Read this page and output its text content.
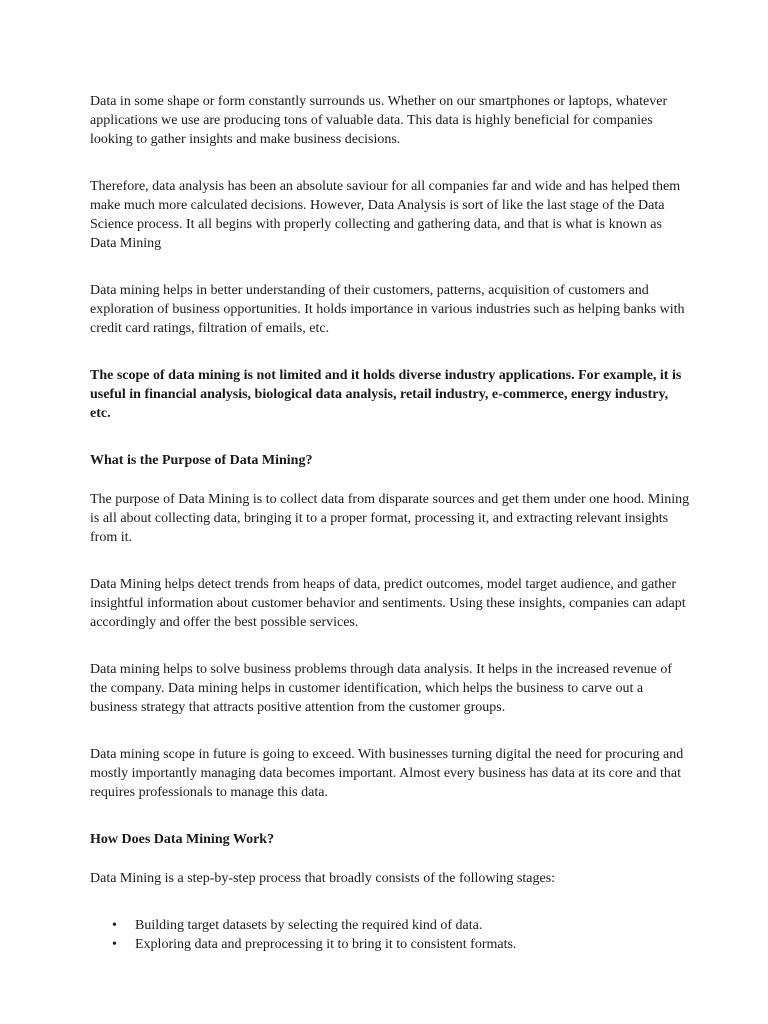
Data in some shape or form constantly surrounds us. Whether on our smartphones or laptops, whatever applications we use are producing tons of valuable data. This data is highly beneficial for companies looking to gather insights and make business decisions.

Therefore, data analysis has been an absolute saviour for all companies far and wide and has helped them make much more calculated decisions. However, Data Analysis is sort of like the last stage of the Data Science process. It all begins with properly collecting and gathering data, and that is what is known as Data Mining

Data mining helps in better understanding of their customers, patterns, acquisition of customers and exploration of business opportunities. It holds importance in various industries such as helping banks with credit card ratings, filtration of emails, etc.

The scope of data mining is not limited and it holds diverse industry applications. For example, it is useful in financial analysis, biological data analysis, retail industry, e-commerce, energy industry, etc.

What is the Purpose of Data Mining?

The purpose of Data Mining is to collect data from disparate sources and get them under one hood. Mining is all about collecting data, bringing it to a proper format, processing it, and extracting relevant insights from it.

Data Mining helps detect trends from heaps of data, predict outcomes, model target audience, and gather insightful information about customer behavior and sentiments. Using these insights, companies can adapt accordingly and offer the best possible services.

Data mining helps to solve business problems through data analysis. It helps in the increased revenue of the company. Data mining helps in customer identification, which helps the business to carve out a business strategy that attracts positive attention from the customer groups.

Data mining scope in future is going to exceed. With businesses turning digital the need for procuring and mostly importantly managing data becomes important. Almost every business has data at its core and that requires professionals to manage this data.

How Does Data Mining Work?

Data Mining is a step-by-step process that broadly consists of the following stages:

• Building target datasets by selecting the required kind of data.
• Exploring data and preprocessing it to bring it to consistent formats.
